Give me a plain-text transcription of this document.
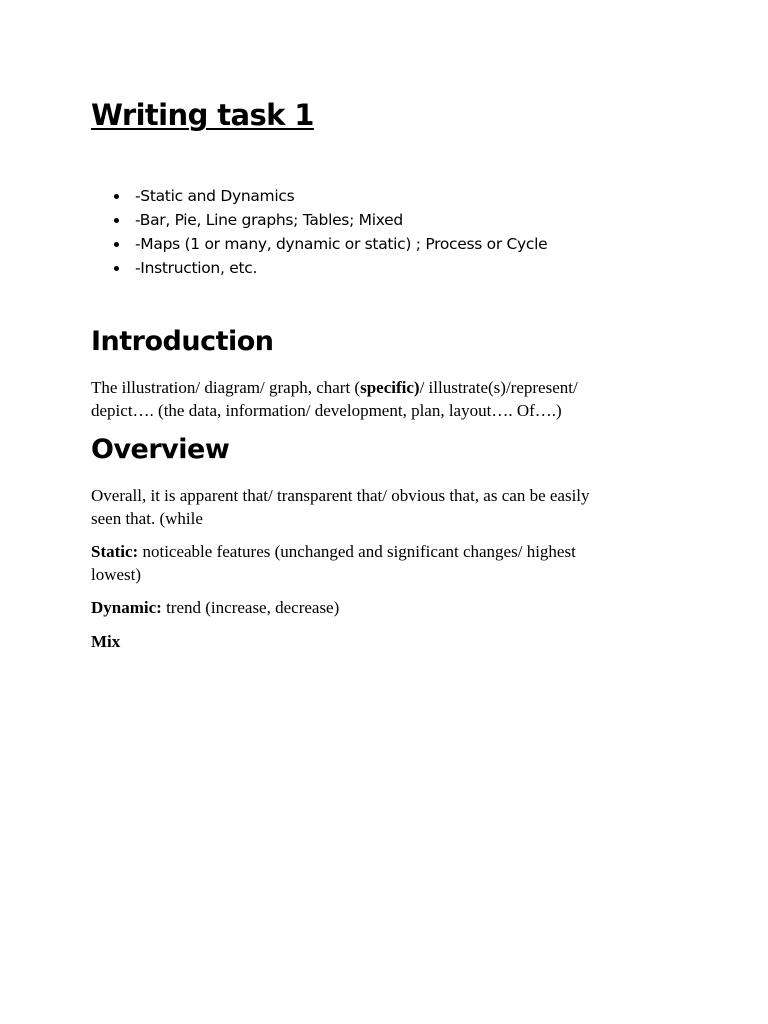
Writing task 1
-Static and Dynamics
-Bar, Pie, Line graphs; Tables; Mixed
-Maps (1 or many, dynamic or static) ; Process or Cycle
-Instruction, etc.
Introduction

The illustration/ diagram/ graph, chart (specific)/ illustrate(s)/represent/
depict…. (the data, information/ development, plan, layout…. Of….)

Overview

Overall, it is apparent that/ transparent that/ obvious that, as can be easily
seen that. (while

Static: noticeable features (unchanged and significant changes/ highest
lowest)

Dynamic: trend (increase, decrease)

Mix
